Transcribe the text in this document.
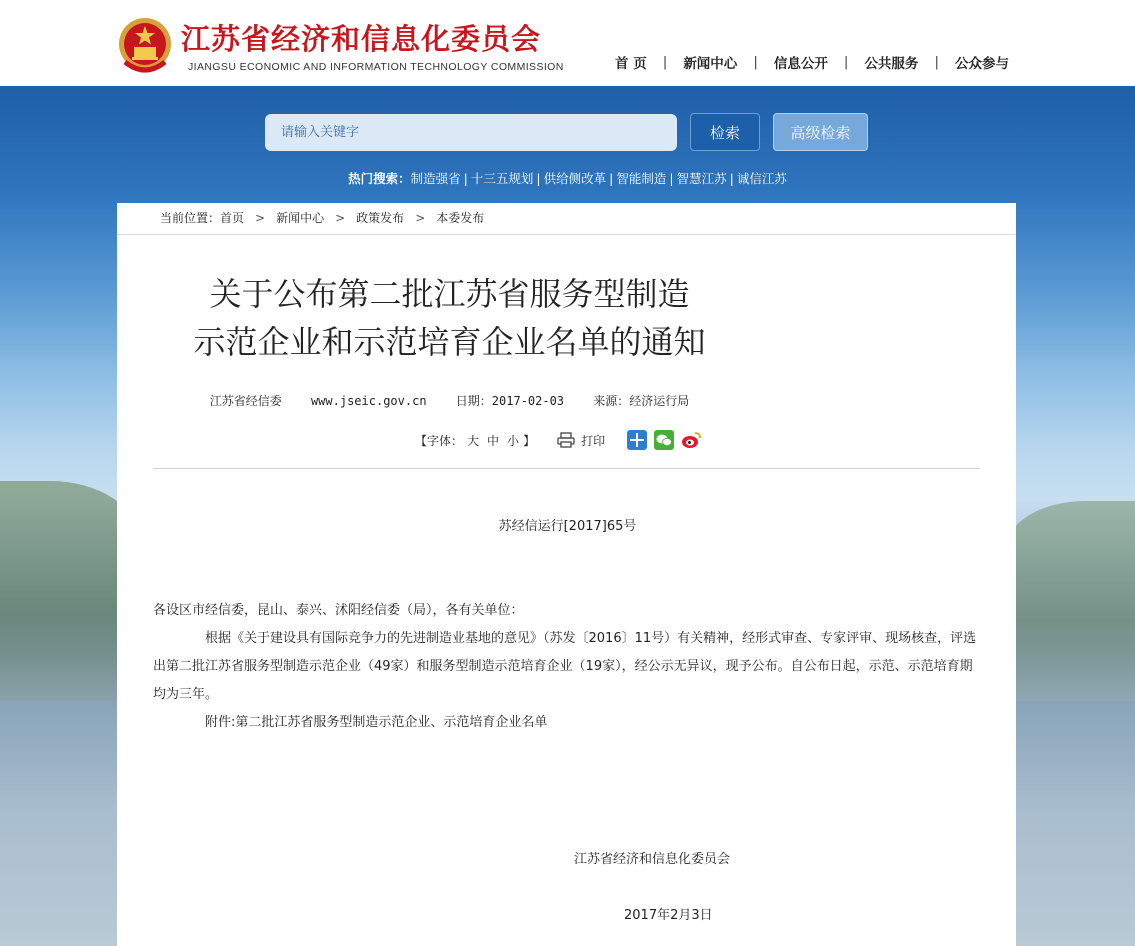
江苏省经济和信息化委员会
JIANGSU ECONOMIC AND INFORMATION TECHNOLOGY COMMISSION	首 页 | 新闻中心 | 信息公开 | 公共服务 | 公众参与
请输入关键字
检索	高级检索
热门搜索：制造强省 | 十三五规划 | 供给侧改革 | 智能制造 | 智慧江苏 | 诚信江苏
当前位置：首页 > 新闻中心 > 政策发布 > 本委发布
关于公布第二批江苏省服务型制造
示范企业和示范培育企业名单的通知
江苏省经信委 www.jseic.gov.cn 日期：2017-02-03 来源：经济运行局
【字体： 大 中 小 】	打印
苏经信运行[2017]65号

各设区市经信委，昆山、泰兴、沭阳经信委（局），各有关单位：

根据《关于建设具有国际竞争力的先进制造业基地的意见》（苏发〔2016〕11号）有关精神，经形式审查、专家评审、现场核查，评选出第二批江苏省服务型制造示范企业（49家）和服务型制造示范培育企业（19家），经公示无异议，现予公布。自公布日起，示范、示范培育期均为三年。

附件:第二批江苏省服务型制造示范企业、示范培育企业名单

江苏省经济和信息化委员会
2017年2月3日
